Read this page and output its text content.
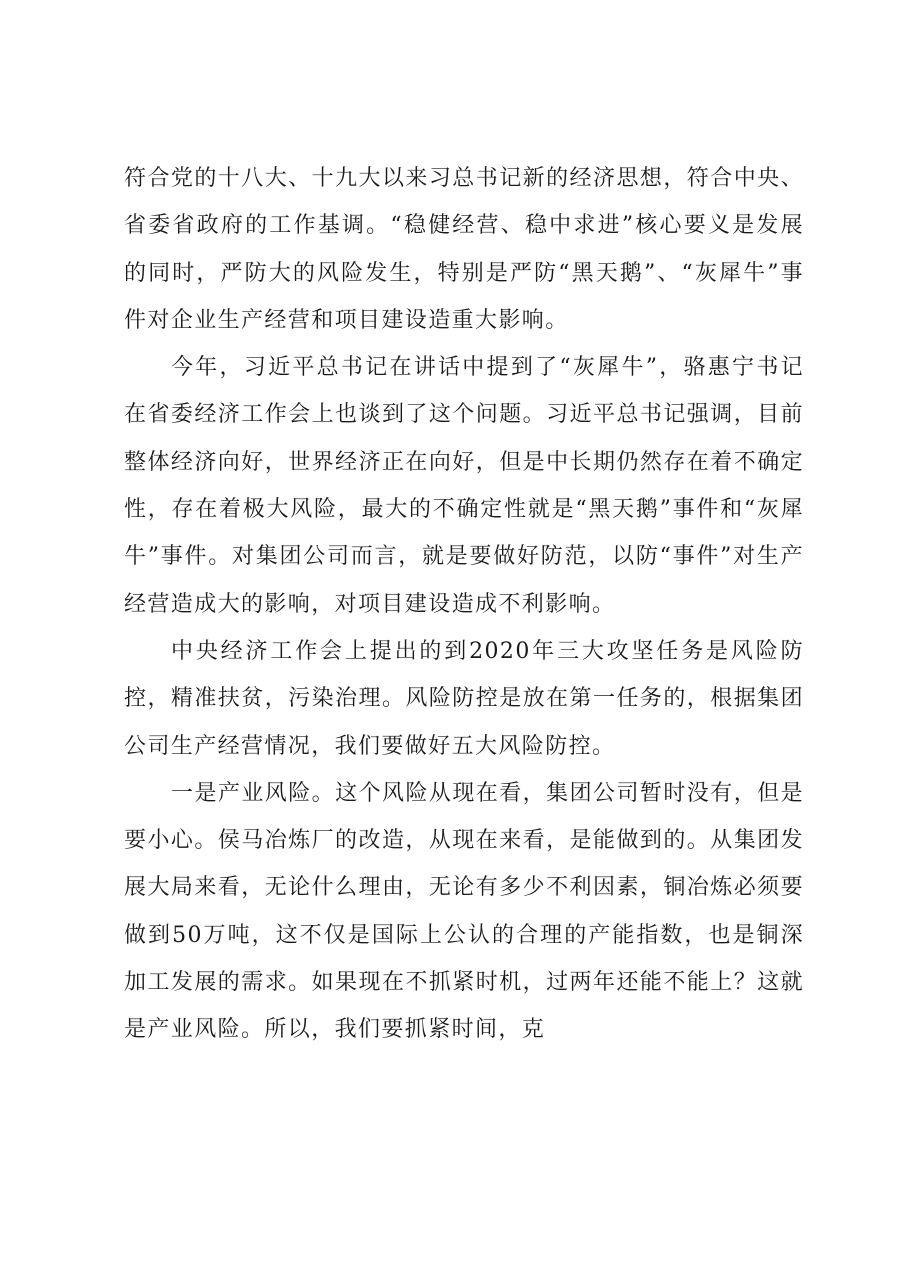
符合党的十八大、十九大以来习总书记新的经济思想，符合中央、省委省政府的工作基调。“稳健经营、稳中求进”核心要义是发展的同时，严防大的风险发生，特别是严防“黑天鹅”、“灰犀牛”事件对企业生产经营和项目建设造重大影响。

今年，习近平总书记在讲话中提到了“灰犀牛”，骆惠宁书记在省委经济工作会上也谈到了这个问题。习近平总书记强调，目前整体经济向好，世界经济正在向好，但是中长期仍然存在着不确定性，存在着极大风险，最大的不确定性就是“黑天鹅”事件和“灰犀牛”事件。对集团公司而言，就是要做好防范，以防“事件”对生产经营造成大的影响，对项目建设造成不利影响。

中央经济工作会上提出的到2020年三大攻坚任务是风险防控，精准扶贫，污染治理。风险防控是放在第一任务的，根据集团公司生产经营情况，我们要做好五大风险防控。

一是产业风险。这个风险从现在看，集团公司暂时没有，但是要小心。侯马冶炼厂的改造，从现在来看，是能做到的。从集团发展大局来看，无论什么理由，无论有多少不利因素，铜冶炼必须要做到50万吨，这不仅是国际上公认的合理的产能指数，也是铜深加工发展的需求。如果现在不抓紧时机，过两年还能不能上？这就是产业风险。所以，我们要抓紧时间，克
